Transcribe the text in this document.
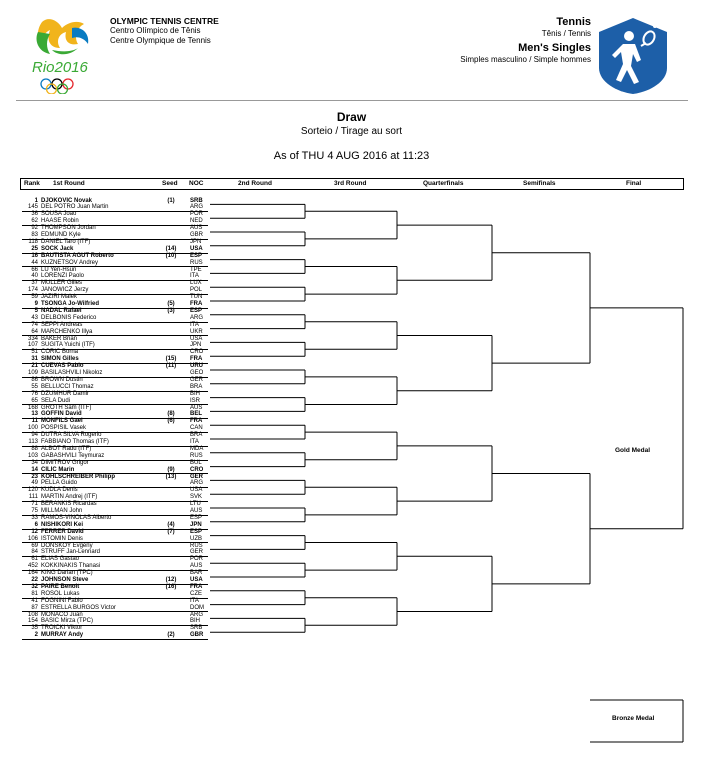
Rio2016
OLYMPIC TENNIS CENTRE
Centro Olímpico de Tênis
Centre Olympique de Tennis
Tennis
Tênis / Tennis
Men's Singles
Simples masculino / Simple hommes
Draw
Sorteio / Tirage au sort
As of THU 4 AUG 2016 at 11:23
Rank 1st Round	Seed NOC	2nd Round	3rd Round	Quarterfinals	Semifinals	Final
1 DJOKOVIC Novak	(1)	SRB
145 DEL POTRO Juan Martin	ARG
36 SOUSA Joao	POR
62 HAASE Robin	NED
92 THOMPSON Jordan	AUS
83 EDMUND Kyle	GBR
118 DANIEL Taro (ITF)	JPN
25 SOCK Jack	(14) USA
16 BAUTISTA AGUT Roberto	(10) ESP
44 KUZNETSOV Andrey	RUS
66 LU Yen-Hsun	TPE
40 LORENZI Paolo	ITA
37 MULLER Gilles	LUX
174 JANOWICZ Jerzy	POL
59 JAZIRI Malek	TUN
9 TSONGA Jo-Wilfried	(5)	FRA
5 NADAL Rafael	(3)	ESP
43 DELBONIS Federico	ARG
74 SEPPI Andreas	ITA
64 MARCHENKO Illya	UKR
334 BAKER Brian	USA
107 SUGITA Yuichi (ITF)	JPN
51 CORIC Borna	CRO
31 SIMON Gilles	(15) FRA
21 CUEVAS Pablo	(11)	URU
109 BASILASHVILI Nikoloz	GEO
86 BROWN Dustin	GER
55 BELLUCCI Thomaz	BRA
76 DZUMHUR Damir	BIH
65 SELA Dudi	ISR
168 GROTH Sam (ITF)	AUS
13 GOFFIN David	(8)	BEL
11 MONFILS Gael	(6)	FRA
100 POSPISIL Vasek	CAN
94 DUTRA SILVA Rogerio	BRA
113 FABBIANO Thomas (ITF)	ITA
88 ALBOT Radu (ITF)	MDA
103 GABASHVILI Teymuraz	RUS
34 DIMITROV Grigor	BUL
14 CILIC Marin	(9)	CRO
23 KOHLSCHREIBER Philipp	(13) GER
49 PELLA Guido	ARG
120 KUDLA Denis	USA
111 MARTIN Andrej (ITF)	SVK
71 BERANKIS Ricardas	LTU
75 MILLMAN John	AUS
33 RAMOS-VINOLAS Alberto	ESP
6 NISHIKORI Kei	(4)	JPN
12 FERRER David	(7)	ESP
106 ISTOMIN Denis	UZB
69 DONSKOY Evgeny	RUS
84 STRUFF Jan-Lennard	GER
61 ELIAS Gastao	POR
452 KOKKINAKIS Thanasi	AUS
164 KING Darian (TPC)	BAR
22 JOHNSON Steve	(12) USA
32 PAIRE Benoit	(16) FRA
81 ROSOL Lukas	CZE
41 FOGNINI Fabio	ITA
87 ESTRELLA BURGOS Victor	DOM
108 MONACO Juan	ARG
154 BASIC Mirza (TPC)	BIH
35 TROICKI Viktor	SRB
2 MURRAY Andy	(2)	GBR
Gold Medal
Bronze Medal
